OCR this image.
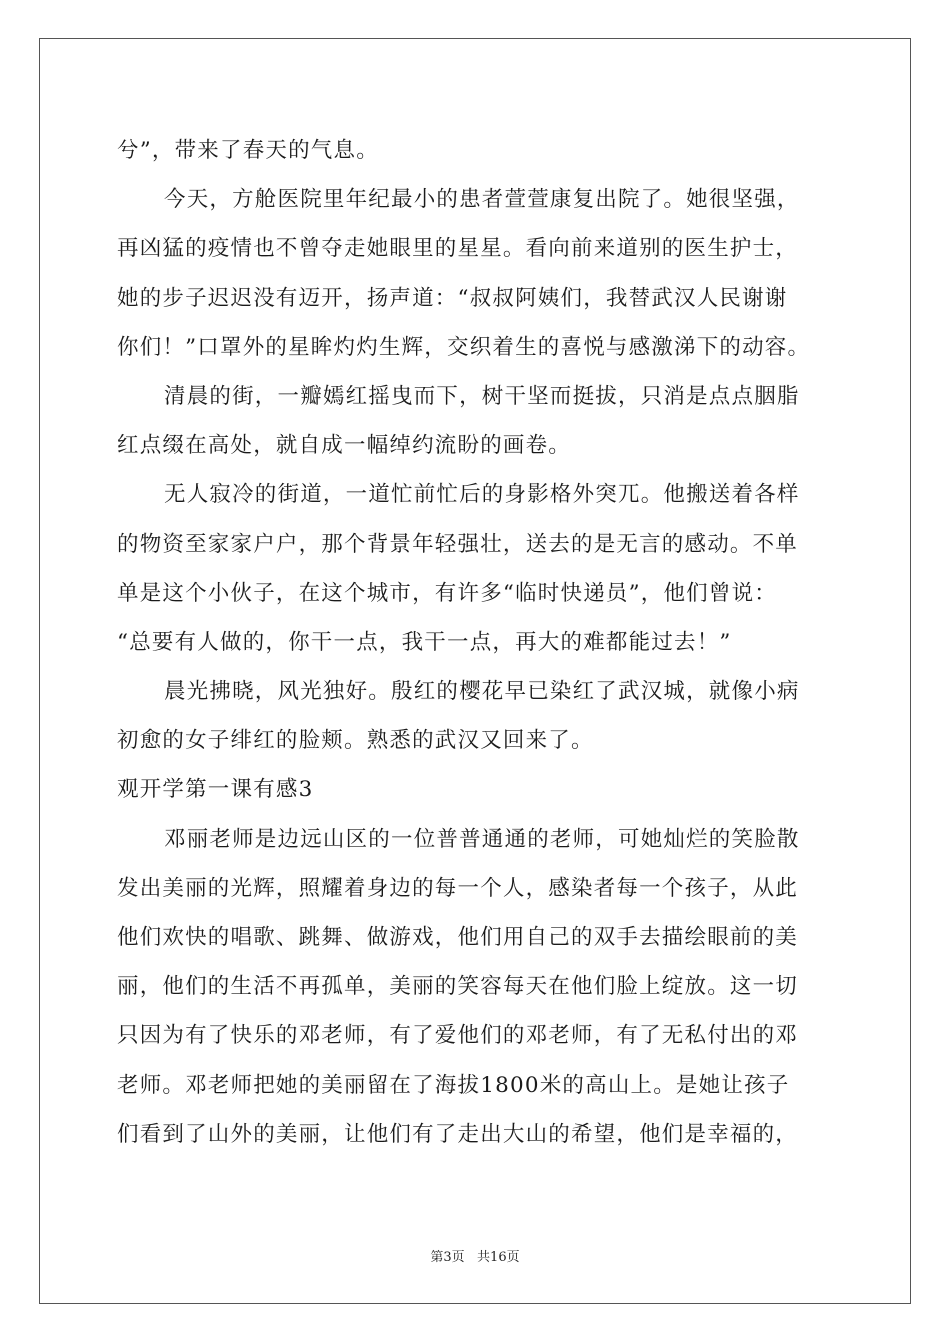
兮”，带来了春天的气息。
今天，方舱医院里年纪最小的患者萱萱康复出院了。她很坚强，
再凶猛的疫情也不曾夺走她眼里的星星。看向前来道别的医生护士，
她的步子迟迟没有迈开，扬声道：“叔叔阿姨们，我替武汉人民谢谢
你们！”口罩外的星眸灼灼生辉，交织着生的喜悦与感激涕下的动容。
清晨的街，一瓣嫣红摇曳而下，树干坚而挺拔，只消是点点胭脂
红点缀在高处，就自成一幅绰约流盼的画卷。
无人寂冷的街道，一道忙前忙后的身影格外突兀。他搬送着各样
的物资至家家户户，那个背景年轻强壮，送去的是无言的感动。不单
单是这个小伙子，在这个城市，有许多“临时快递员”，他们曾说：
“总要有人做的，你干一点，我干一点，再大的难都能过去！”
晨光拂晓，风光独好。殷红的樱花早已染红了武汉城，就像小病
初愈的女子绯红的脸颊。熟悉的武汉又回来了。
观开学第一课有感3
邓丽老师是边远山区的一位普普通通的老师，可她灿烂的笑脸散
发出美丽的光辉，照耀着身边的每一个人，感染者每一个孩子，从此
他们欢快的唱歌、跳舞、做游戏，他们用自己的双手去描绘眼前的美
丽，他们的生活不再孤单，美丽的笑容每天在他们脸上绽放。这一切
只因为有了快乐的邓老师，有了爱他们的邓老师，有了无私付出的邓
老师。邓老师把她的美丽留在了海拔1800米的高山上。是她让孩子
们看到了山外的美丽，让他们有了走出大山的希望，他们是幸福的，
第3页   共16页
